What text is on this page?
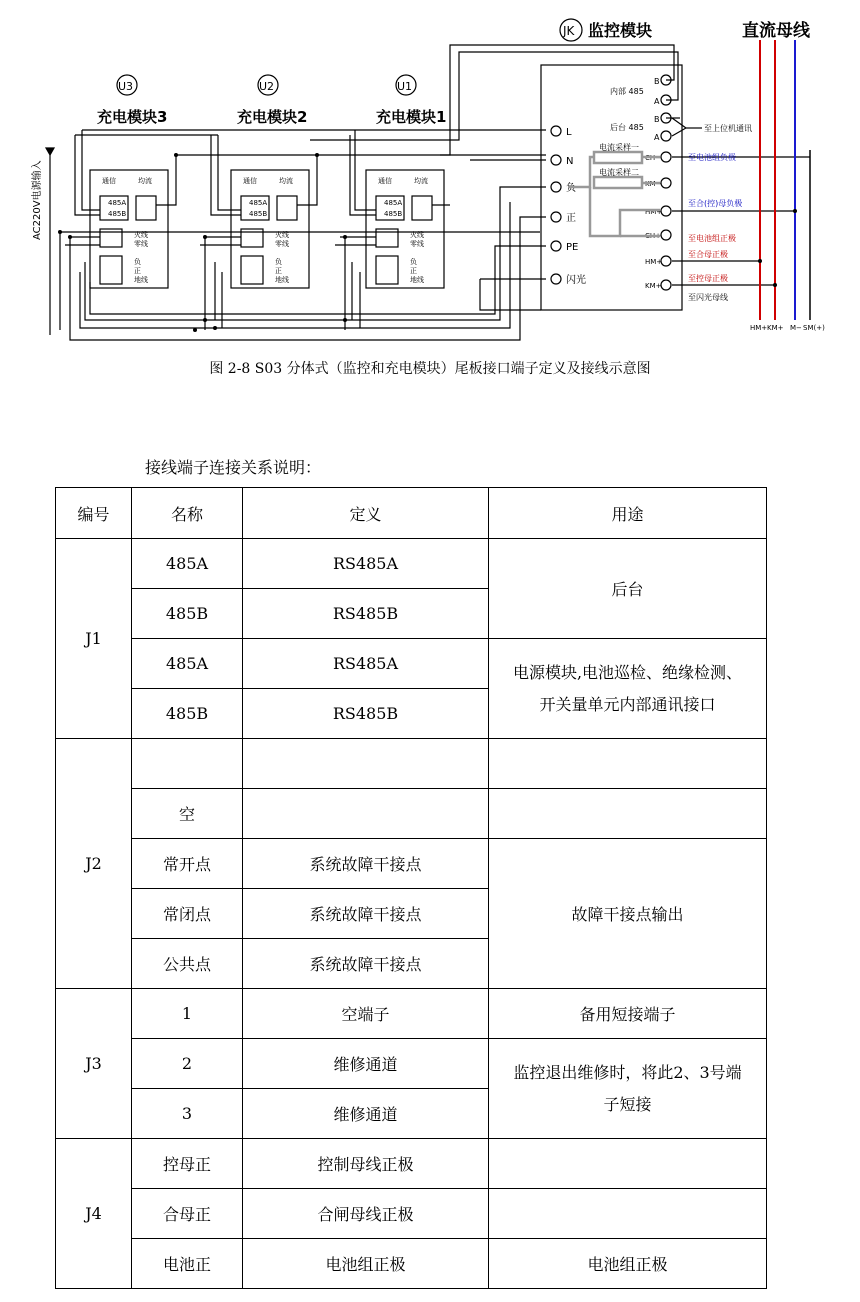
直流母线
JK 监控模块
L
N
负
正
PE
闪光
B
A
B
A
内部 485
后台 485
CH−
KM−
HM+
CH+
HM+
KM+
电流采样一
电流采样二
至上位机通讯
至电池组负极
至合(控)母负极
至电池组正极
至合母正极
至控母正极
至闪光母线
HM+ KM+ M− SM(+)
AC220V电源输入
U3
充电模块3
通信	均流
485A
485B
火线
零线
负
正
地线
U2
充电模块2
通信	均流
485A
485B
火线
零线
负
正
地线
U1
充电模块1
通信	均流
485A
485B
火线
零线
负
正
地线
图 2-8 S03 分体式（监控和充电模块）尾板接口端子定义及接线示意图
接线端子连接关系说明：
编号	名称	定义	用途
J1	485A	RS485A	后台
	485B	RS485B	
	485A	RS485A	电源模块,电池巡检、绝缘检测、
开关量单元内部通讯接口
	485B	RS485B	
J2			
	空		
	常开点	系统故障干接点	故障干接点输出
	常闭点	系统故障干接点	
	公共点	系统故障干接点	
J3	1	空端子	备用短接端子
	2	维修通道	监控退出维修时，将此2、3号端
子短接
	3	维修通道	
J4	控母正	控制母线正极	
	合母正	合闸母线正极	
	电池正	电池组正极	电池组正极
